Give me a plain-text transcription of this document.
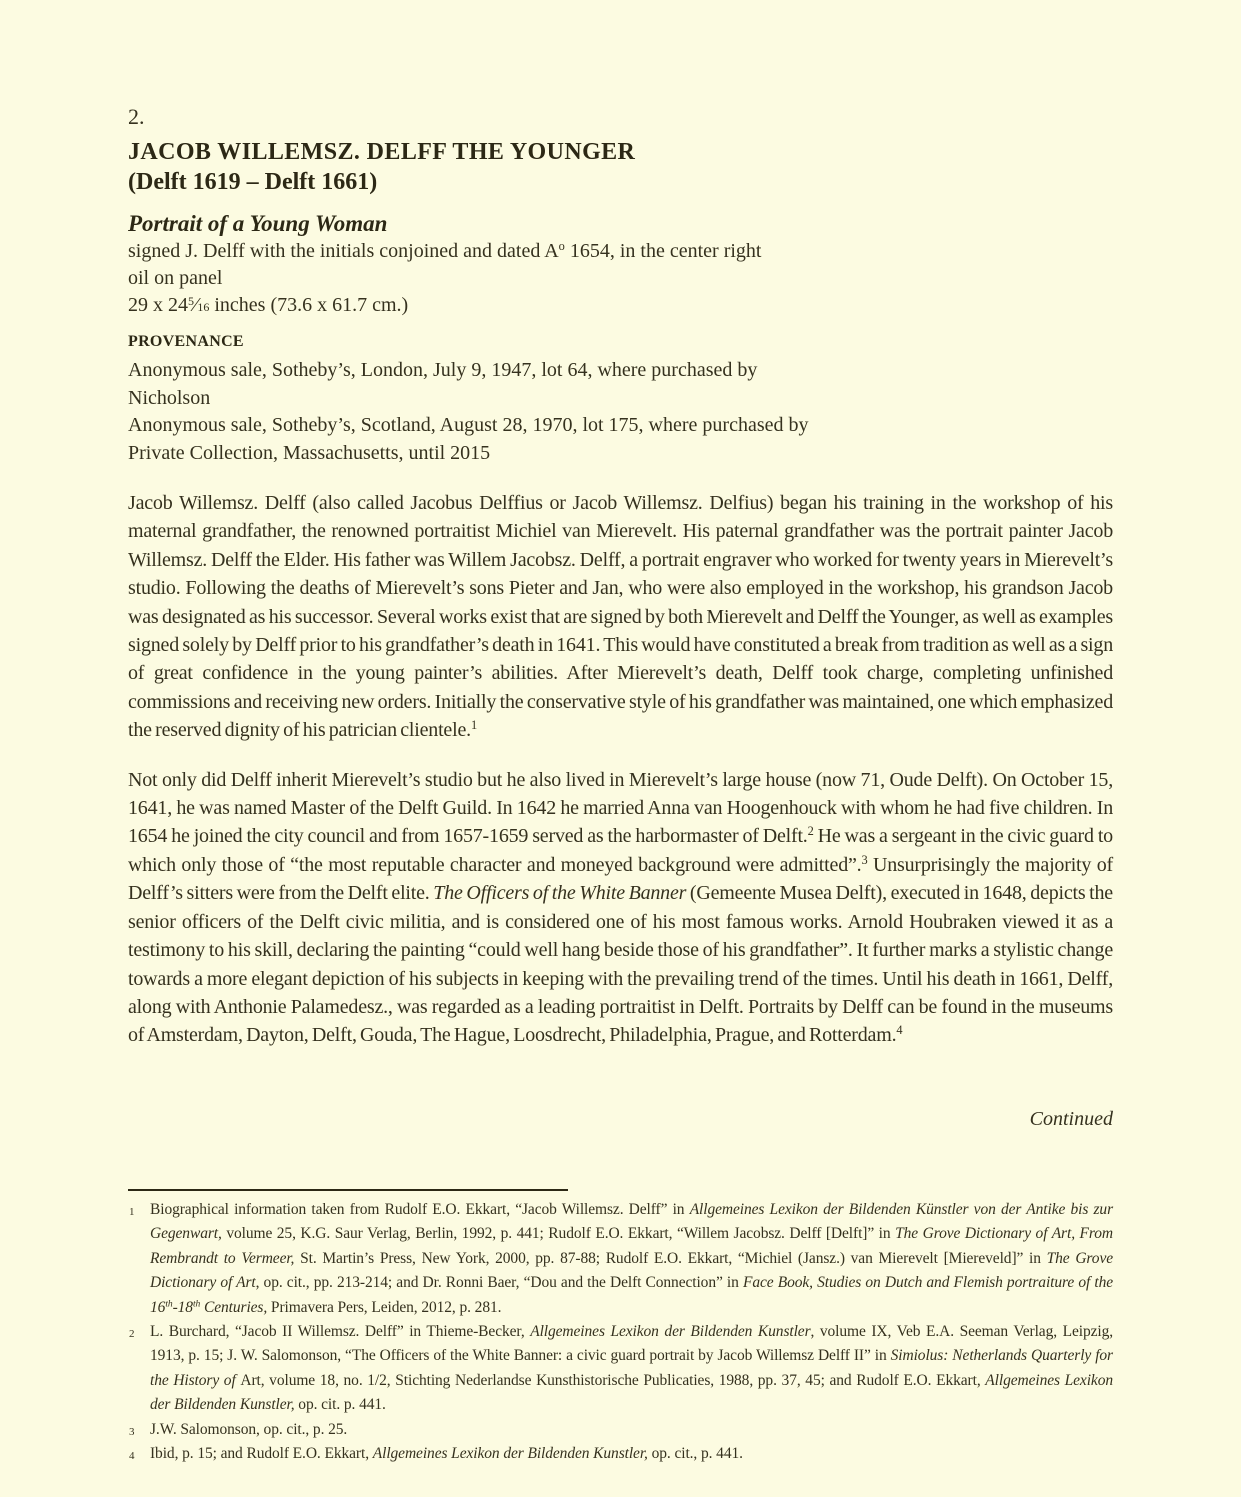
2.
JACOB WILLEMSZ. DELFF THE YOUNGER
(Delft 1619 – Delft 1661)
Portrait of a Young Woman
signed J. Delff with the initials conjoined and dated $A^o$ 1654, in the center right
oil on panel
29 x 24$^5$⁄16 inches (73.6 x 61.7 cm.)
PROVENANCE
Anonymous sale, Sotheby’s, London, July 9, 1947, lot 64, where purchased by
Nicholson
Anonymous sale, Sotheby’s, Scotland, August 28, 1970, lot 175, where purchased by
Private Collection, Massachusetts, until 2015

Jacob Willemsz. Delff (also called Jacobus Delffius or Jacob Willemsz. Delfius) began his training in the workshop of his maternal grandfather, the renowned portraitist Michiel van Mierevelt. His paternal grandfather was the portrait painter Jacob Willemsz. Delff the Elder. His father was Willem Jacobsz. Delff, a portrait engraver who worked for twenty years in Mierevelt’s studio. Following the deaths of Mierevelt’s sons Pieter and Jan, who were also employed in the workshop, his grandson Jacob was designated as his successor. Several works exist that are signed by both Mierevelt and Delff the Younger, as well as examples signed solely by Delff prior to his grandfather’s death in 1641. This would have constituted a break from tradition as well as a sign of great confidence in the young painter’s abilities. After Mierevelt’s death, Delff took charge, completing unfinished commissions and receiving new orders. Initially the conservative style of his grandfather was maintained, one which emphasized the reserved dignity of his patrician clientele.$^1$

Not only did Delff inherit Mierevelt’s studio but he also lived in Mierevelt’s large house (now 71, Oude Delft). On October 15, 1641, he was named Master of the Delft Guild. In 1642 he married Anna van Hoogenhouck with whom he had five children. In 1654 he joined the city council and from 1657-1659 served as the harbormaster of Delft.$^2$ He was a sergeant in the civic guard to which only those of “the most reputable character and moneyed background were admitted”.$^3$ Unsurprisingly the majority of Delff’s sitters were from the Delft elite. The Officers of the White Banner (Gemeente Musea Delft), executed in 1648, depicts the senior officers of the Delft civic militia, and is considered one of his most famous works. Arnold Houbraken viewed it as a testimony to his skill, declaring the painting “could well hang beside those of his grandfather”. It further marks a stylistic change towards a more elegant depiction of his subjects in keeping with the prevailing trend of the times. Until his death in 1661, Delff, along with Anthonie Palamedesz., was regarded as a leading portraitist in Delft. Portraits by Delff can be found in the museums of Amsterdam, Dayton, Delft, Gouda, The Hague, Loosdrecht, Philadelphia, Prague, and Rotterdam.$^4$

Continued
1 Biographical information taken from Rudolf E.O. Ekkart, “Jacob Willemsz. Delff” in Allgemeines Lexikon der Bildenden Künstler von der Antike bis zur Gegenwart, volume 25, K.G. Saur Verlag, Berlin, 1992, p. 441; Rudolf E.O. Ekkart, “Willem Jacobsz. Delff [Delft]” in The Grove Dictionary of Art, From Rembrandt to Vermeer, St. Martin’s Press, New York, 2000, pp. 87-88; Rudolf E.O. Ekkart, “Michiel (Jansz.) van Mierevelt [Miereveld]” in The Grove Dictionary of Art, op. cit., pp. 213-214; and Dr. Ronni Baer, “Dou and the Delft Connection” in Face Book, Studies on Dutch and Flemish portraiture of the 16th-18th Centuries, Primavera Pers, Leiden, 2012, p. 281.
2 L. Burchard, “Jacob II Willemsz. Delff” in Thieme-Becker, Allgemeines Lexikon der Bildenden Kunstler, volume IX, Veb E.A. Seeman Verlag, Leipzig, 1913, p. 15; J. W. Salomonson, “The Officers of the White Banner: a civic guard portrait by Jacob Willemsz Delff II” in Simiolus: Netherlands Quarterly for the History of Art, volume 18, no. 1/2, Stichting Nederlandse Kunsthistorische Publicaties, 1988, pp. 37, 45; and Rudolf E.O. Ekkart, Allgemeines Lexikon der Bildenden Kunstler, op. cit. p. 441.
3 J.W. Salomonson, op. cit., p. 25.
4 Ibid, p. 15; and Rudolf E.O. Ekkart, Allgemeines Lexikon der Bildenden Kunstler, op. cit., p. 441.
